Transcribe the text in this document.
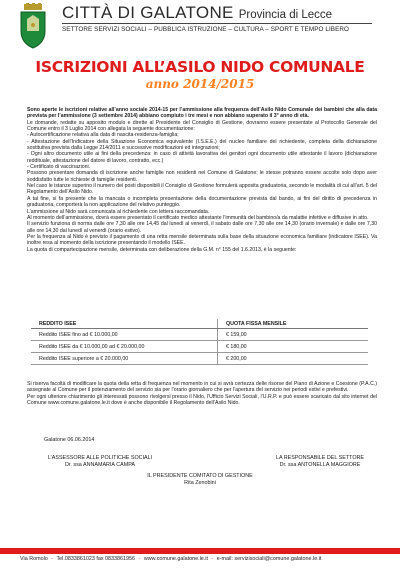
CITTÀ DI GALATONE Provincia di Lecce
SETTORE SERVIZI SOCIALI – PUBBLICA ISTRUZIONE – CULTURA – SPORT E TEMPO LIBERO
ISCRIZIONI ALL’ASILO NIDO COMUNALE
anno 2014/2015

Sono aperte le iscrizioni relative all’anno sociale 2014-15 per l’ammissione alla frequenza dell’Asilo Nido Comunale dei bambini che alla data prevista per l’ammissione (3 settembre 2014) abbiano compiuto i tre mesi e non abbiano superato il 3° anno di età.

Le domande, redatte su apposito modulo e dirette al Presidente del Consiglio di Gestione, dovranno essere presentate al Protocollo Generale del Comune entro il 3 Luglio 2014 con allegata la seguente documentazione:

- Autocertificazione relativa alla data di nascita-residenza-famiglia;

- Attestazione dell’Indicatore della Situazione Economica equivalente (I.S.E.E.) del nucleo familiare del richiedente, completa della dichiarazione sostitutiva prevista dalla Legge 214/2011 e successive modificazioni ed integrazioni;

- Ogni altro documento utile ai fini della precedenza: in caso di attività lavorativa dei genitori ogni documento utile attestante il lavoro (dichiarazione reddituale, attestazione del datore di lavoro, contratto, ecc.)

- Certificato di vaccinazioni.

Possono presentare domanda di iscrizione anche famiglie non residenti nel Comune di Galatone; le stesse potranno essere accolte solo dopo aver soddisfatto tutte le richieste di famiglie residenti.

Nel caso le istanze superino il numero dei posti disponibili il Consiglio di Gestione formulerà apposita graduatoria, secondo le modalità di cui all’art. 5 del Regolamento dell’Asilo Nido.

A tal fine, si fa presente che la mancata o incompleta presentazione della documentazione prevista dal bando, ai fini del diritto di precedenza in graduatoria, comporterà la non applicazione del relativo punteggio.

L’ammissione al Nido sarà comunicata al richiedente con lettera raccomandata.

Al momento dell’ammissione, dovrà essere presentato il certificato medico attestante l’immunità del bambino/a da malattie infettive e diffusive in atto.

Il servizio funziona di norma dalle ore 7,30 alle ore 14,45 dal lunedì al venerdì, il sabato dalle ore 7,30 alle ore 14,30 (orario invernale) e dalle ore 7,30 alle ore 14,30 dal lunedì al venerdì (orario estivo).

Per la frequenza al Nido è previsto il pagamento di una retta mensile determinata sulla base della situazione economica familiare (indicatore ISEE). Va inoltre resa al momento della iscrizione presentando il modello ISEE.

La quota di compartecipazione mensile, determinata con deliberazione della G.M. n° 155 del 1.6.2013, è la seguente:

REDDITO ISEE	QUOTA FISSA MENSILE
Reddito ISEE fino ad € 10.000,00	€ 159,00
Reddito ISEE da € 10.000,00 ad € 20.000,00	€ 180,00
Reddito ISEE superiore a € 20.000,00	€ 200,00

Si riserva facoltà di modificare la quota della retta di frequenza nel momento in cui si avrà certezza delle risorse del Piano di Azione e Coesione (P.A.C.) assegnate al Comune per il potenziamento del servizio sia per l’orario giornaliero che per l’apertura del servizio nei periodi estivi e prefestivi.

Per ogni ulteriore chiarimento gli interessati possono rivolgersi presso il Nido, l’Ufficio Servizi Sociali, l’U.R.P. e può essere scaricato dal sito internet del Comune www.comune.galatone.le.it dove è anche disponibile il Regolamento dell’Asilo Nido.

Galatone 06.06.2014
L’ASSESSORE ALLE POLITICHE SOCIALI
Dr. ssa ANNAMARIA CAMPA
LA RESPONSABILE DEL SETTORE
Dr. ssa ANTONELLA MAGGIORE
IL PRESIDENTE COMITATO DI GESTIONE
Rita Zenobini
Via Romolo - Tel.0833861023 fax 0833861956 - www.comune.galatone.le.it - e-mail: servizisociali@comune.galatone.le.it
